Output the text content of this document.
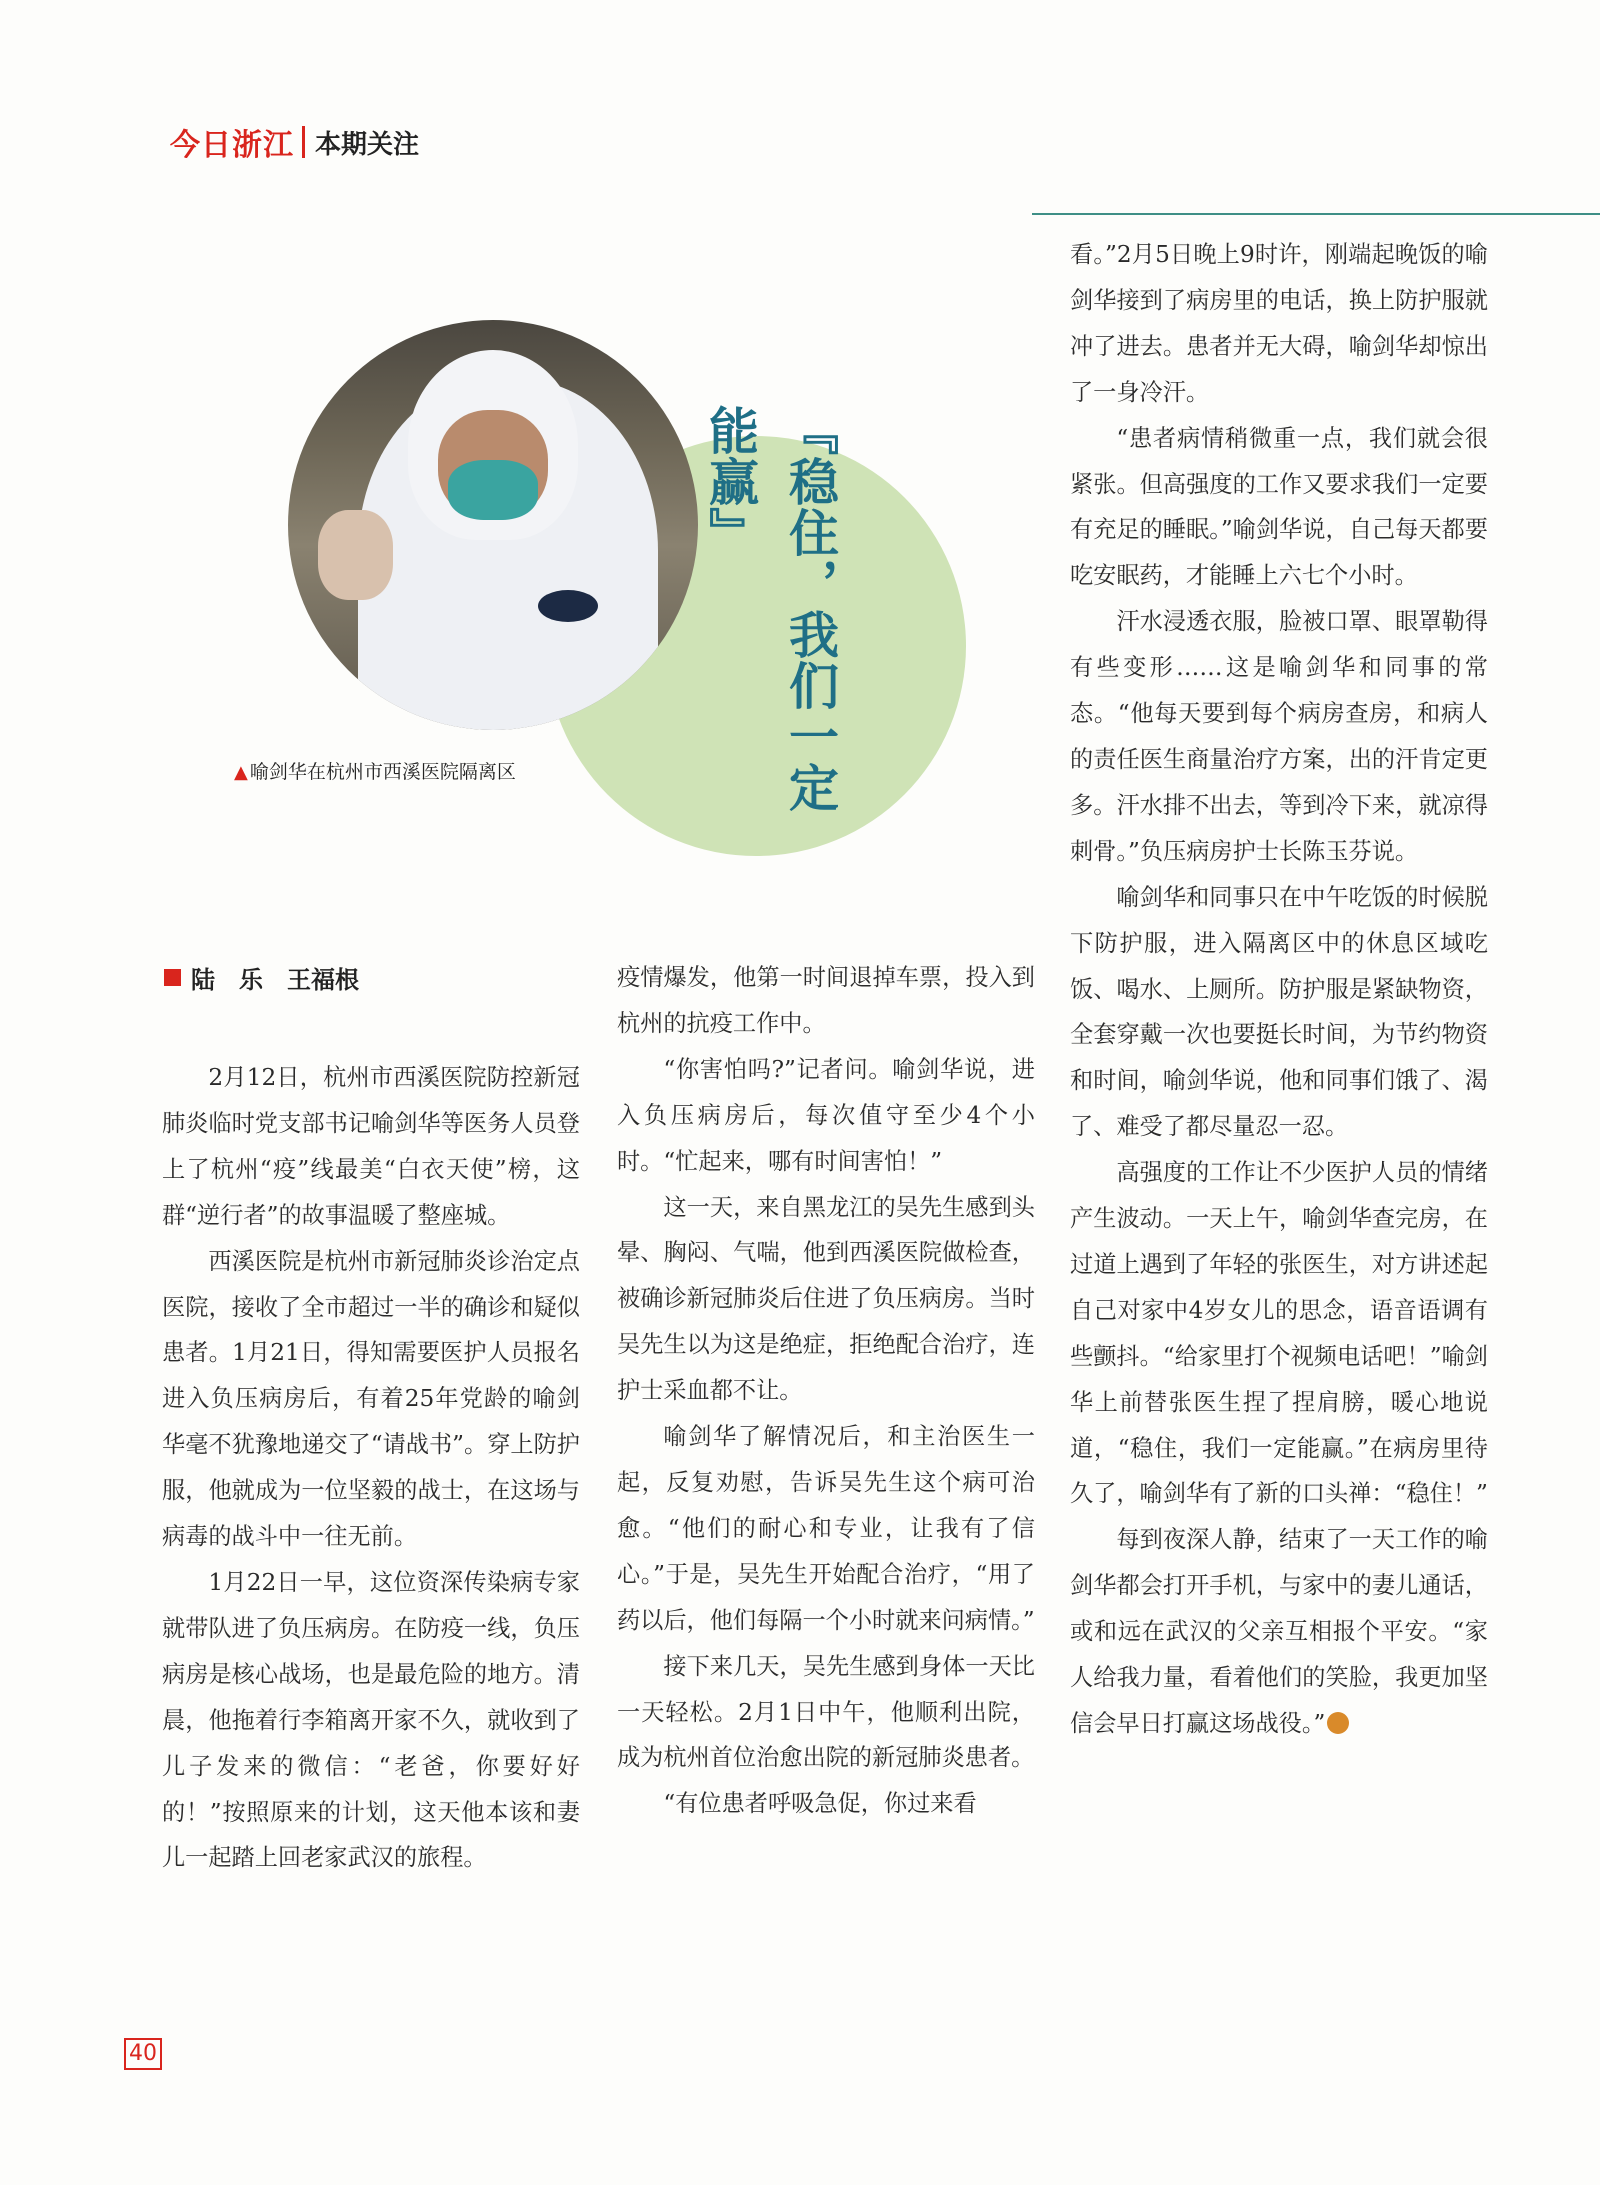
今日浙江 本期关注
▲ 喻剑华在杭州市西溪医院隔离区	『稳住，我们一定能赢』
陆　乐　王福根

2月12日，杭州市西溪医院防控新冠肺炎临时党支部书记喻剑华等医务人员登上了杭州“疫”线最美“白衣天使”榜，这群“逆行者”的故事温暖了整座城。

西溪医院是杭州市新冠肺炎诊治定点医院，接收了全市超过一半的确诊和疑似患者。1月21日，得知需要医护人员报名进入负压病房后，有着25年党龄的喻剑华毫不犹豫地递交了“请战书”。穿上防护服，他就成为一位坚毅的战士，在这场与病毒的战斗中一往无前。

1月22日一早，这位资深传染病专家就带队进了负压病房。在防疫一线，负压病房是核心战场，也是最危险的地方。清晨，他拖着行李箱离开家不久，就收到了儿子发来的微信：“老爸，你要好好的！”按照原来的计划，这天他本该和妻儿一起踏上回老家武汉的旅程。

疫情爆发，他第一时间退掉车票，投入到杭州的抗疫工作中。

“你害怕吗?”记者问。喻剑华说，进入负压病房后，每次值守至少4个小时。“忙起来，哪有时间害怕！”

这一天，来自黑龙江的吴先生感到头晕、胸闷、气喘，他到西溪医院做检查，被确诊新冠肺炎后住进了负压病房。当时吴先生以为这是绝症，拒绝配合治疗，连护士采血都不让。

喻剑华了解情况后，和主治医生一起，反复劝慰，告诉吴先生这个病可治愈。“他们的耐心和专业，让我有了信心。”于是，吴先生开始配合治疗，“用了药以后，他们每隔一个小时就来问病情。”

接下来几天，吴先生感到身体一天比一天轻松。2月1日中午，他顺利出院，成为杭州首位治愈出院的新冠肺炎患者。

“有位患者呼吸急促，你过来看

看。”2月5日晚上9时许，刚端起晚饭的喻剑华接到了病房里的电话，换上防护服就冲了进去。患者并无大碍，喻剑华却惊出了一身冷汗。

“患者病情稍微重一点，我们就会很紧张。但高强度的工作又要求我们一定要有充足的睡眠。”喻剑华说，自己每天都要吃安眠药，才能睡上六七个小时。

汗水浸透衣服，脸被口罩、眼罩勒得有些变形……这是喻剑华和同事的常态。“他每天要到每个病房查房，和病人的责任医生商量治疗方案，出的汗肯定更多。汗水排不出去，等到冷下来，就凉得刺骨。”负压病房护士长陈玉芬说。

喻剑华和同事只在中午吃饭的时候脱下防护服，进入隔离区中的休息区域吃饭、喝水、上厕所。防护服是紧缺物资，全套穿戴一次也要挺长时间，为节约物资和时间，喻剑华说，他和同事们饿了、渴了、难受了都尽量忍一忍。

高强度的工作让不少医护人员的情绪产生波动。一天上午，喻剑华查完房，在过道上遇到了年轻的张医生，对方讲述起自己对家中4岁女儿的思念，语音语调有些颤抖。“给家里打个视频电话吧！”喻剑华上前替张医生捏了捏肩膀，暖心地说道，“稳住，我们一定能赢。”在病房里待久了，喻剑华有了新的口头禅：“稳住！”

每到夜深人静，结束了一天工作的喻剑华都会打开手机，与家中的妻儿通话，或和远在武汉的父亲互相报个平安。“家人给我力量，看着他们的笑脸，我更加坚信会早日打赢这场战役。”

40
